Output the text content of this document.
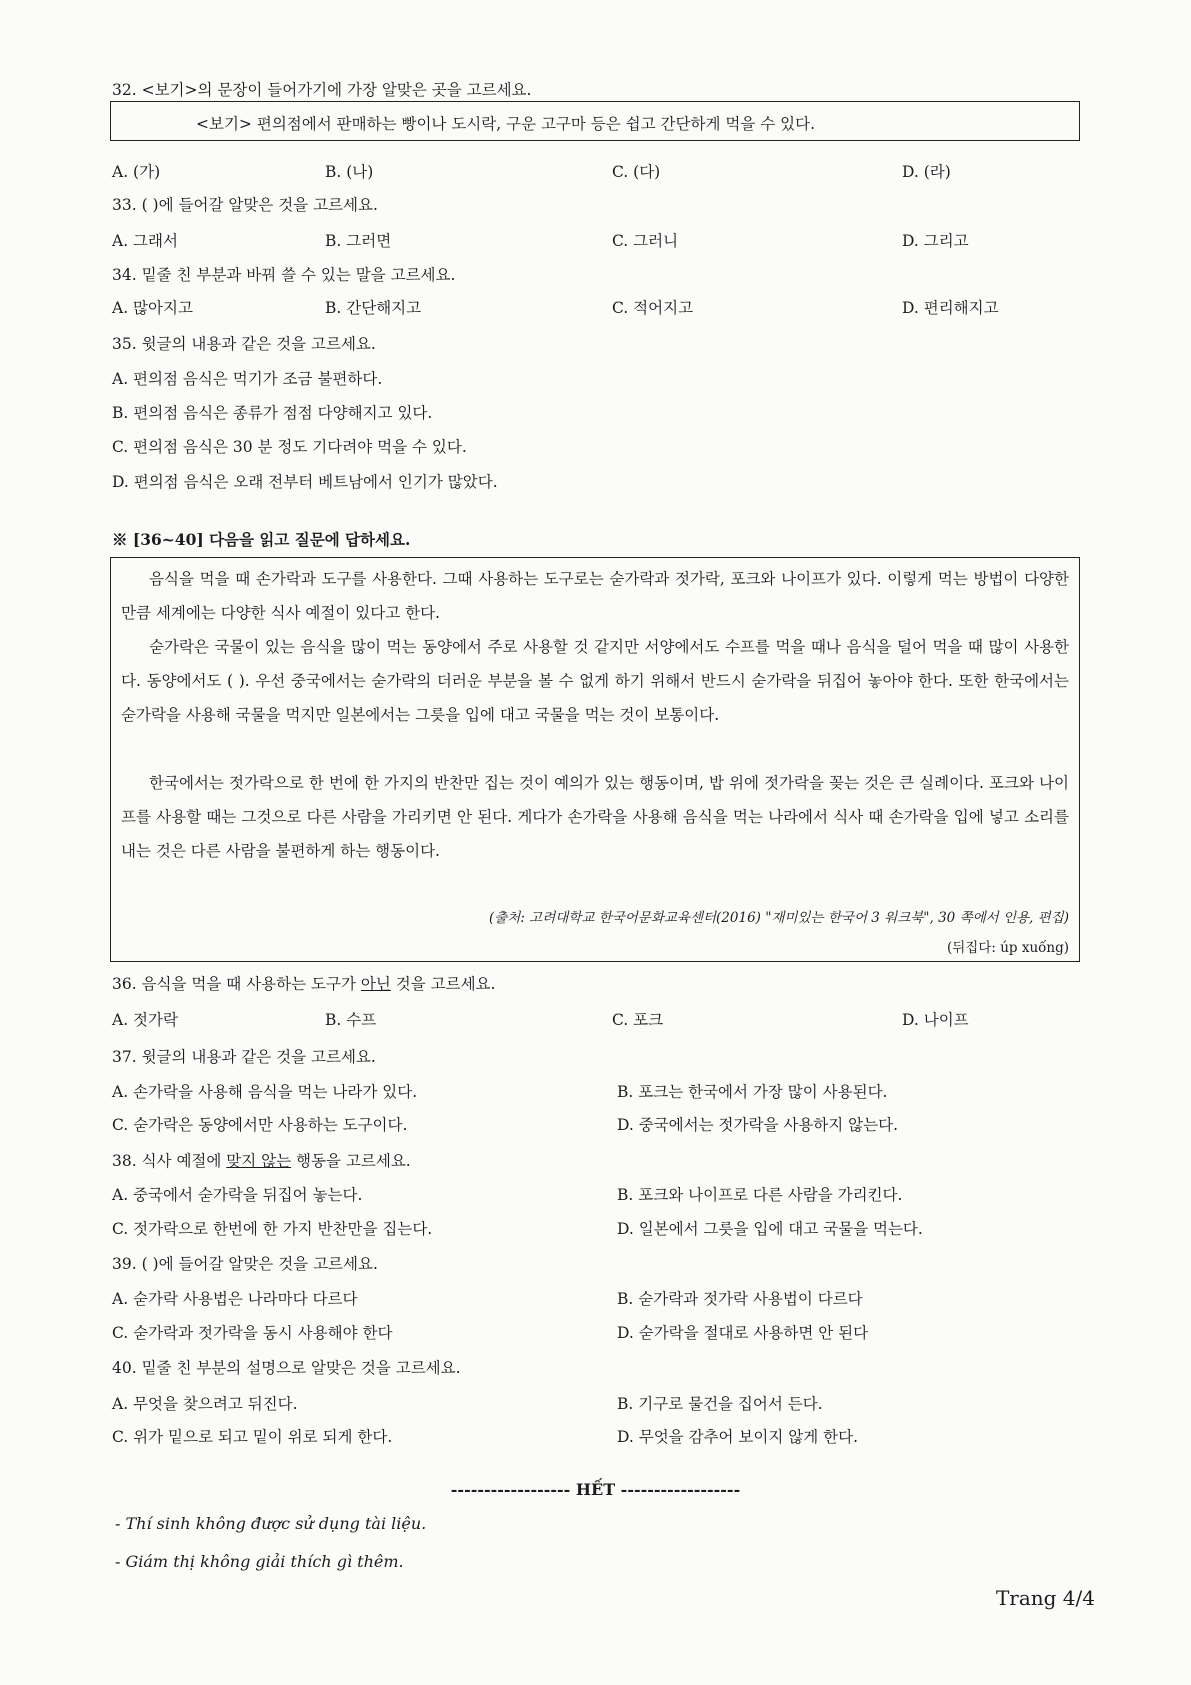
32. <보기>의 문장이 들어가기에 가장 알맞은 곳을 고르세요.
<보기> 편의점에서 판매하는 빵이나 도시락, 구운 고구마 등은 쉽고 간단하게 먹을 수 있다.
A. (가)	B. (나)	C. (다)	D. (라)
33. ( )에 들어갈 알맞은 것을 고르세요.
A. 그래서	B. 그러면	C. 그러니	D. 그리고
34. 밑줄 친 부분과 바꿔 쓸 수 있는 말을 고르세요.
A. 많아지고	B. 간단해지고	C. 적어지고	D. 편리해지고
35. 윗글의 내용과 같은 것을 고르세요.
A. 편의점 음식은 먹기가 조금 불편하다.
B. 편의점 음식은 종류가 점점 다양해지고 있다.
C. 편의점 음식은 30 분 정도 기다려야 먹을 수 있다.
D. 편의점 음식은 오래 전부터 베트남에서 인기가 많았다.
※ [36~40] 다음을 읽고 질문에 답하세요.
음식을 먹을 때 손가락과 도구를 사용한다. 그때 사용하는 도구로는 숟가락과 젓가락, 포크와 나이프가 있다. 이렇게 먹는 방법이 다양한 만큼 세계에는 다양한 식사 예절이 있다고 한다.
숟가락은 국물이 있는 음식을 많이 먹는 동양에서 주로 사용할 것 같지만 서양에서도 수프를 먹을 때나 음식을 덜어 먹을 때 많이 사용한다. 동양에서도 ( ). 우선 중국에서는 숟가락의 더러운 부분을 볼 수 없게 하기 위해서 반드시 숟가락을 뒤집어 놓아야 한다. 또한 한국에서는 숟가락을 사용해 국물을 먹지만 일본에서는 그릇을 입에 대고 국물을 먹는 것이 보통이다.
한국에서는 젓가락으로 한 번에 한 가지의 반찬만 집는 것이 예의가 있는 행동이며, 밥 위에 젓가락을 꽂는 것은 큰 실례이다. 포크와 나이프를 사용할 때는 그것으로 다른 사람을 가리키면 안 된다. 게다가 손가락을 사용해 음식을 먹는 나라에서 식사 때 손가락을 입에 넣고 소리를 내는 것은 다른 사람을 불편하게 하는 행동이다.
(출처: 고려대학교 한국어문화교육센터(2016) "재미있는 한국어 3 워크북", 30 쪽에서 인용, 편집)
(뒤집다: úp xuống)
36. 음식을 먹을 때 사용하는 도구가 아닌 것을 고르세요.
A. 젓가락	B. 수프	C. 포크	D. 나이프
37. 윗글의 내용과 같은 것을 고르세요.
A. 손가락을 사용해 음식을 먹는 나라가 있다.	B. 포크는 한국에서 가장 많이 사용된다.
C. 숟가락은 동양에서만 사용하는 도구이다.	D. 중국에서는 젓가락을 사용하지 않는다.
38. 식사 예절에 맞지 않는 행동을 고르세요.
A. 중국에서 숟가락을 뒤집어 놓는다.	B. 포크와 나이프로 다른 사람을 가리킨다.
C. 젓가락으로 한번에 한 가지 반찬만을 집는다.	D. 일본에서 그릇을 입에 대고 국물을 먹는다.
39. ( )에 들어갈 알맞은 것을 고르세요.
A. 숟가락 사용법은 나라마다 다르다	B. 숟가락과 젓가락 사용법이 다르다
C. 숟가락과 젓가락을 동시 사용해야 한다	D. 숟가락을 절대로 사용하면 안 된다
40. 밑줄 친 부분의 설명으로 알맞은 것을 고르세요.
A. 무엇을 찾으려고 뒤진다.	B. 기구로 물건을 집어서 든다.
C. 위가 밑으로 되고 밑이 위로 되게 한다.	D. 무엇을 감추어 보이지 않게 한다.
------------------ HẾT ------------------
- Thí sinh không được sử dụng tài liệu.
- Giám thị không giải thích gì thêm.
Trang 4/4
